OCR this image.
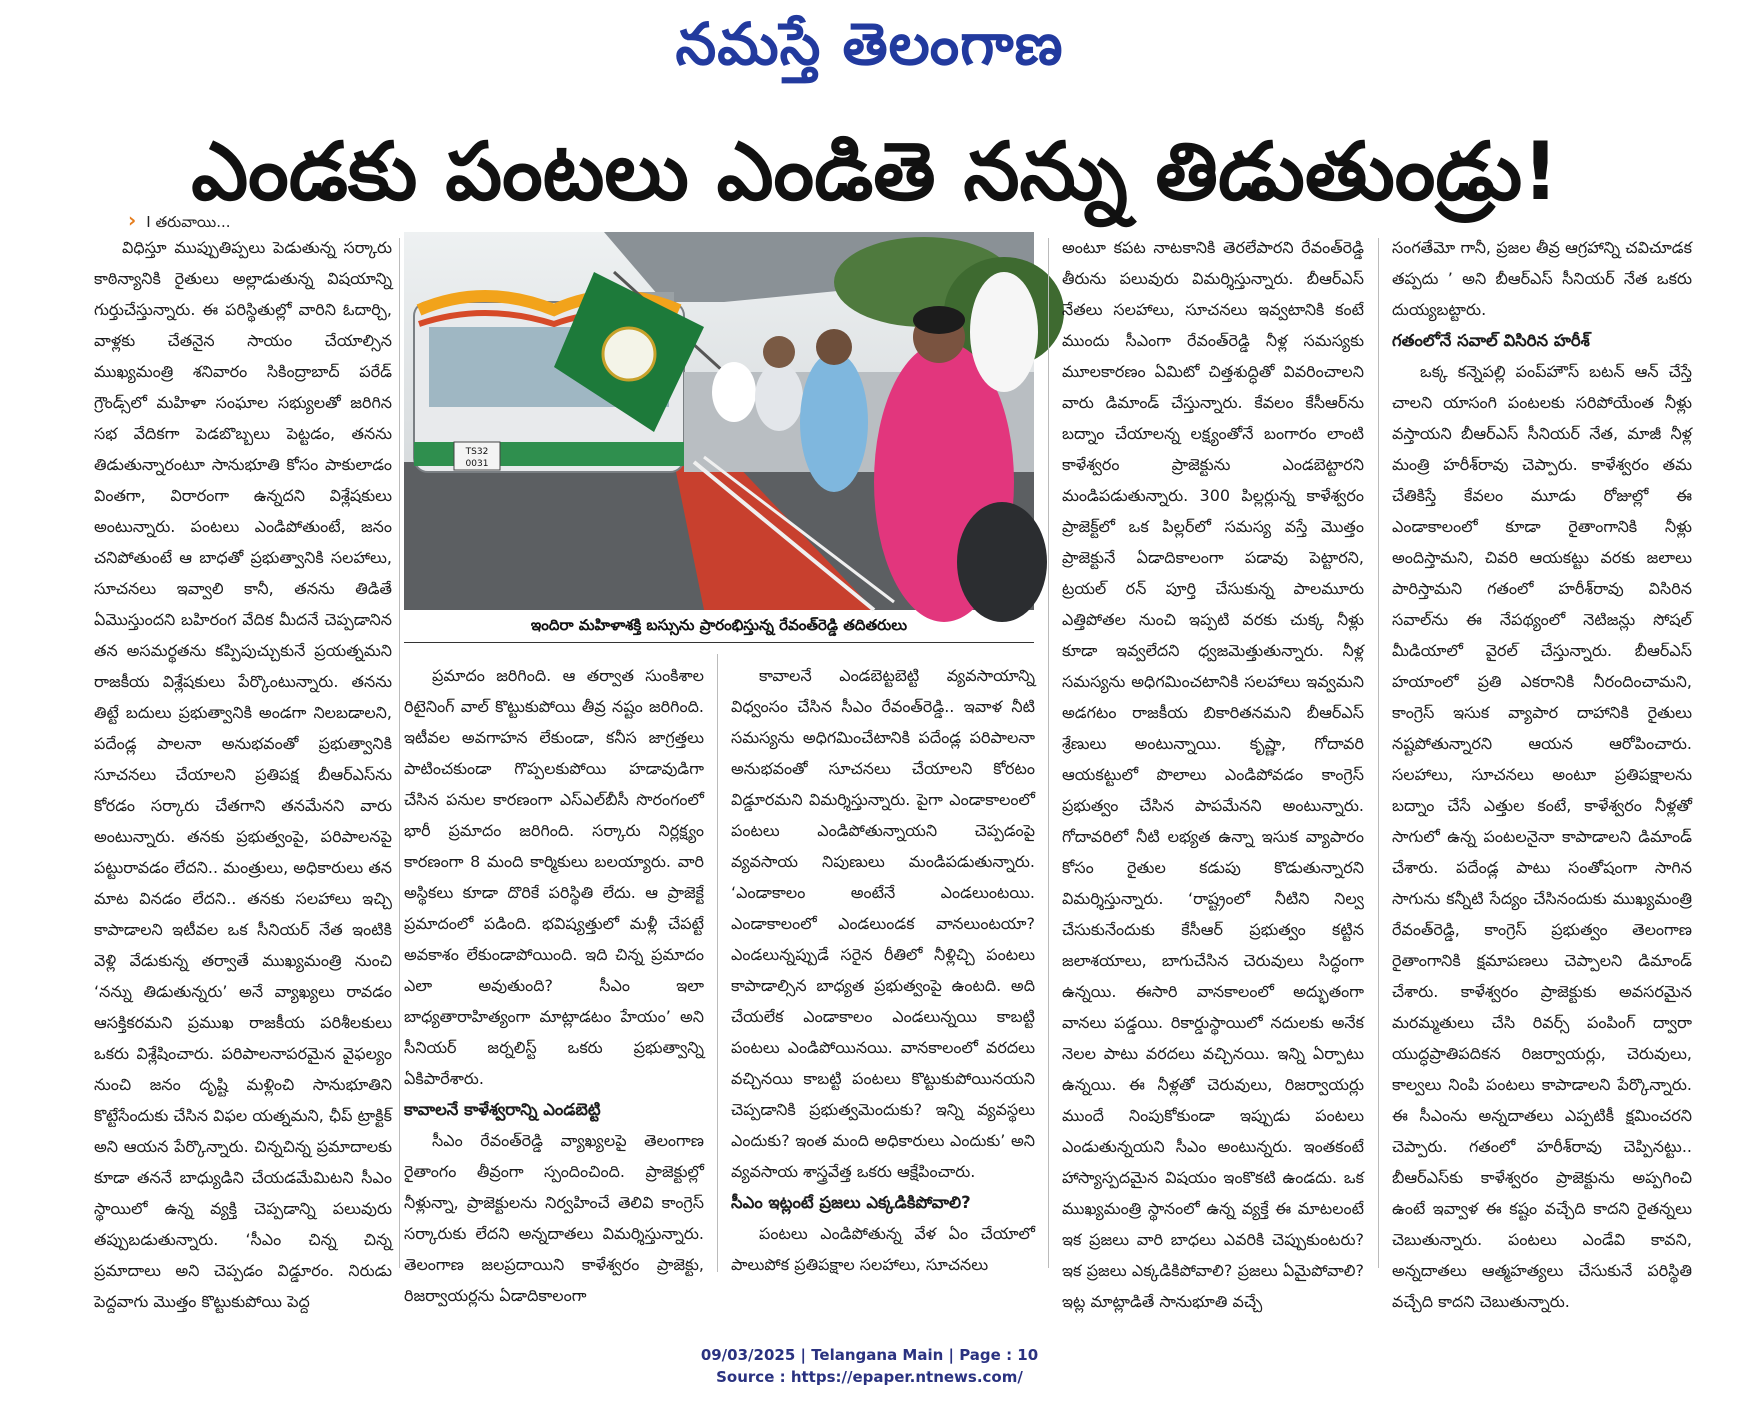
నమస్తే తెలంగాణ
ఎండకు పంటలు ఎండితె నన్ను తిడుతుండ్రు!
› I తరువాయి...

విధిస్తూ ముప్పుతిప్పలు పెడుతున్న సర్కారు కాఠిన్యానికి రైతులు అల్లాడుతున్న విషయాన్ని గుర్తుచేస్తున్నారు. ఈ పరిస్థితుల్లో వారిని ఓదార్చి, వాళ్లకు చేతనైన సాయం చేయాల్సిన ముఖ్యమంత్రి శనివారం సికింద్రాబాద్ పరేడ్ గ్రౌండ్స్‌లో మహిళా సంఘాల సభ్యులతో జరిగిన సభ వేదికగా పెడబొబ్బలు పెట్టడం, తనను తిడుతున్నారంటూ సానుభూతి కోసం పాకులాడం వింతగా, విరారంగా ఉన్నదని విశ్లేషకులు అంటున్నారు. పంటలు ఎండిపోతుంటే, జనం చనిపోతుంటే ఆ బాధతో ప్రభుత్వానికి సలహాలు, సూచనలు ఇవ్వాలి కానీ, తనను తిడితే ఏమొస్తుందని బహిరంగ వేదిక మీదనే చెప్పడానిన తన అసమర్థతను కప్పిపుచ్చుకునే ప్రయత్నమని రాజకీయ విశ్లేషకులు పేర్కొంటున్నారు. తనను తిట్టే బదులు ప్రభుత్వానికి అండగా నిలబడాలని, పదేండ్ల పాలనా అనుభవంతో ప్రభుత్వానికి సూచనలు చేయాలని ప్రతిపక్ష బీఆర్‌ఎస్‌ను కోరడం సర్కారు చేతగాని తనమేనని వారు అంటున్నారు. తనకు ప్రభుత్వంపై, పరిపాలనపై పట్టురావడం లేదని.. మంత్రులు, అధికారులు తన మాట వినడం లేదని.. తనకు సలహాలు ఇచ్చి కాపాడాలని ఇటీవల ఒక సీనియర్ నేత ఇంటికి వెళ్లి వేడుకున్న తర్వాతే ముఖ్యమంత్రి నుంచి ‘నన్ను తిడుతున్నరు’ అనే వ్యాఖ్యలు రావడం ఆసక్తికరమని ప్రముఖ రాజకీయ పరిశీలకులు ఒకరు విశ్లేషించారు. పరిపాలనాపరమైన వైఫల్యం నుంచి జనం దృష్టి మళ్లించి సానుభూతిని కొట్టేసేందుకు చేసిన విఫల యత్నమని, ఛీప్ ట్రాక్టిక్ అని ఆయన పేర్కొన్నారు. చిన్నచిన్న ప్రమాదాలకు కూడా తననే బాధ్యుడిని చేయడమేమిటని సీఎం స్థాయిలో ఉన్న వ్యక్తి చెప్పడాన్ని పలువురు తప్పుబడుతున్నారు. ‘సీఎం చిన్న చిన్న ప్రమాదాలు అని చెప్పడం విడ్డూరం. నిరుడు పెద్దవాగు మొత్తం కొట్టుకుపోయి పెద్ద

TS32
0031
ఇందిరా మహిళాశక్తి బస్సును ప్రారంభిస్తున్న రేవంత్‌రెడ్డి తదితరులు

ప్రమాదం జరిగింది. ఆ తర్వాత సుంకిశాల రిటైనింగ్ వాల్ కొట్టుకుపోయి తీవ్ర నష్టం జరిగింది. ఇటీవల అవగాహన లేకుండా, కనీస జాగ్రత్తలు పాటించకుండా గొప్పలకుపోయి హడావుడిగా చేసిన పనుల కారణంగా ఎస్‌ఎల్‌బీసీ సొరంగంలో భారీ ప్రమాదం జరిగింది. సర్కారు నిర్లక్ష్యం కారణంగా 8 మంది కార్మికులు బలయ్యారు. వారి అస్థికలు కూడా దొరికే పరిస్థితి లేదు. ఆ ప్రాజెక్టే ప్రమాదంలో పడింది. భవిష్యత్తులో మళ్లీ చేపట్టే అవకాశం లేకుండాపోయింది. ఇది చిన్న ప్రమాదం ఎలా అవుతుంది? సీఎం ఇలా బాధ్యతారాహిత్యంగా మాట్లాడటం హేయం’ అని సీనియర్ జర్నలిస్ట్ ఒకరు ప్రభుత్వాన్ని ఏకిపారేశారు.

కావాలనే కాళేశ్వరాన్ని ఎండబెట్టి

సీఎం రేవంత్‌రెడ్డి వ్యాఖ్యలపై తెలంగాణ రైతాంగం తీవ్రంగా స్పందించింది. ప్రాజెక్టుల్లో నీళ్లున్నా, ప్రాజెక్టులను నిర్వహించే తెలివి కాంగ్రెస్ సర్కారుకు లేదని అన్నదాతలు విమర్శిస్తున్నారు. తెలంగాణ జలప్రదాయిని కాళేశ్వరం ప్రాజెక్టు, రిజర్వాయర్లను ఏడాదికాలంగా

కావాలనే ఎండబెట్టబెట్టి వ్యవసాయాన్ని విధ్వంసం చేసిన సీఎం రేవంత్‌రెడ్డి.. ఇవాళ నీటి సమస్యను అధిగమించేటానికి పదేండ్ల పరిపాలనా అనుభవంతో సూచనలు చేయాలని కోరటం విడ్డూరమని విమర్శిస్తున్నారు. పైగా ఎండాకాలంలో పంటలు ఎండిపోతున్నాయని చెప్పడంపై వ్యవసాయ నిపుణులు మండిపడుతున్నారు. ‘ఎండాకాలం అంటేనే ఎండలుంటయి. ఎండాకాలంలో ఎండలుండక వానలుంటయా? ఎండలున్నప్పుడే సరైన రీతిలో నీళ్లిచ్చి పంటలు కాపాడాల్సిన బాధ్యత ప్రభుత్వంపై ఉంటది. అది చేయలేక ఎండాకాలం ఎండలున్నయి కాబట్టి పంటలు ఎండిపోయినయి. వానకాలంలో వరదలు వచ్చినయి కాబట్టి పంటలు కొట్టుకుపోయినయని చెప్పడానికి ప్రభుత్వమెందుకు? ఇన్ని వ్యవస్థలు ఎందుకు? ఇంత మంది అధికారులు ఎందుకు’ అని వ్యవసాయ శాస్త్రవేత్త ఒకరు ఆక్షేపించారు.

సీఎం ఇట్లంటే ప్రజలు ఎక్కడికిపోవాలి?

పంటలు ఎండిపోతున్న వేళ ఏం చేయాలో పాలుపోక ప్రతిపక్షాల సలహాలు, సూచనలు

అంటూ కపట నాటకానికి తెరలేపారని రేవంత్‌రెడ్డి తీరును పలువురు విమర్శిస్తున్నారు. బీఆర్‌ఎస్ నేతలు సలహాలు, సూచనలు ఇవ్వటానికి కంటే ముందు సీఎంగా రేవంత్‌రెడ్డి నీళ్ల సమస్యకు మూలకారణం ఏమిటో చిత్తశుద్ధితో వివరించాలని వారు డిమాండ్ చేస్తున్నారు. కేవలం కేసీఆర్‌ను బద్నాం చేయాలన్న లక్ష్యంతోనే బంగారం లాంటి కాళేశ్వరం ప్రాజెక్టును ఎండబెట్టారని మండిపడుతున్నారు. 300 పిల్లర్లున్న కాళేశ్వరం ప్రాజెక్ట్‌లో ఒక పిల్లర్‌లో సమస్య వస్తే మొత్తం ప్రాజెక్టునే ఏడాదికాలంగా పడావు పెట్టారని, ట్రయల్ రన్ పూర్తి చేసుకున్న పాలమూరు ఎత్తిపోతల నుంచి ఇప్పటి వరకు చుక్క నీళ్లు కూడా ఇవ్వలేదని ధ్వజమెత్తుతున్నారు. నీళ్ల సమస్యను అధిగమించటానికి సలహాలు ఇవ్వమని అడగటం రాజకీయ బికారితనమని బీఆర్‌ఎస్ శ్రేణులు అంటున్నాయి. కృష్ణా, గోదావరి ఆయకట్టులో పొలాలు ఎండిపోవడం కాంగ్రెస్ ప్రభుత్వం చేసిన పాపమేనని అంటున్నారు. గోదావరిలో నీటి లభ్యత ఉన్నా ఇసుక వ్యాపారం కోసం రైతుల కడుపు కొడుతున్నారని విమర్శిస్తున్నారు. ‘రాష్ట్రంలో నీటిని నిల్వ చేసుకునేందుకు కేసీఆర్ ప్రభుత్వం కట్టిన జలాశయాలు, బాగుచేసిన చెరువులు సిద్ధంగా ఉన్నయి. ఈసారి వానకాలంలో అద్భుతంగా వానలు పడ్డయి. రికార్డుస్థాయిలో నదులకు అనేక నెలల పాటు వరదలు వచ్చినయి. ఇన్ని ఏర్పాటు ఉన్నయి. ఈ నీళ్లతో చెరువులు, రిజర్వాయర్లు ముందే నింపుకోకుండా ఇప్పుడు పంటలు ఎండుతున్నయని సీఎం అంటున్నరు. ఇంతకంటే హాస్యాస్పదమైన విషయం ఇంకొకటి ఉండదు. ఒక ముఖ్యమంత్రి స్థానంలో ఉన్న వ్యక్తే ఈ మాటలంటే ఇక ప్రజలు వారి బాధలు ఎవరికి చెప్పుకుంటరు? ఇక ప్రజలు ఎక్కడికిపోవాలి? ప్రజలు ఏమైపోవాలి? ఇట్ల మాట్లాడితే సానుభూతి వచ్చే

సంగతేమో గానీ, ప్రజల తీవ్ర ఆగ్రహాన్ని చవిచూడక తప్పదు ’ అని బీఆర్‌ఎస్ సీనియర్ నేత ఒకరు దుయ్యబట్టారు.

గతంలోనే సవాల్ విసిరిన హరీశ్

ఒక్క కన్నెపల్లి పంప్‌హౌస్ బటన్ ఆన్ చేస్తే చాలని యాసంగి పంటలకు సరిపోయేంత నీళ్లు వస్తాయని బీఆర్‌ఎస్ సీనియర్ నేత, మాజీ నీళ్ల మంత్రి హరీశ్‌రావు చెప్పారు. కాళేశ్వరం తమ చేతికిస్తే కేవలం మూడు రోజుల్లో ఈ ఎండాకాలంలో కూడా రైతాంగానికి నీళ్లు అందిస్తామని, చివరి ఆయకట్టు వరకు జలాలు పారిస్తామని గతంలో హరీశ్‌రావు విసిరిన సవాల్‌ను ఈ నేపథ్యంలో నెటిజన్లు సోషల్ మీడియాలో వైరల్ చేస్తున్నారు. బీఆర్‌ఎస్ హయాంలో ప్రతి ఎకరానికి నీరందించామని, కాంగ్రెస్ ఇసుక వ్యాపార దాహానికి రైతులు నష్టపోతున్నారని ఆయన ఆరోపించారు. సలహాలు, సూచనలు అంటూ ప్రతిపక్షాలను బద్నాం చేసే ఎత్తుల కంటే, కాళేశ్వరం నీళ్లతో సాగులో ఉన్న పంటలనైనా కాపాడాలని డిమాండ్ చేశారు. పదేండ్ల పాటు సంతోషంగా సాగిన సాగును కన్నీటి సేద్యం చేసినందుకు ముఖ్యమంత్రి రేవంత్‌రెడ్డి, కాంగ్రెస్ ప్రభుత్వం తెలంగాణ రైతాంగానికి క్షమాపణలు చెప్పాలని డిమాండ్ చేశారు. కాళేశ్వరం ప్రాజెక్టుకు అవసరమైన మరమ్మతులు చేసి రివర్స్ పంపింగ్ ద్వారా యుద్ధప్రాతిపదికన రిజర్వాయర్లు, చెరువులు, కాల్వలు నింపి పంటలు కాపాడాలని పేర్కొన్నారు. ఈ సీఎంను అన్నదాతలు ఎప్పటికీ క్షమించరని చెప్పారు. గతంలో హరీశ్‌రావు చెప్పినట్టు.. బీఆర్‌ఎస్‌కు కాళేశ్వరం ప్రాజెక్టును అప్పగించి ఉంటే ఇవ్వాళ ఈ కష్టం వచ్చేది కాదని రైతన్నలు చెబుతున్నారు. పంటలు ఎండేవి కావని, అన్నదాతలు ఆత్మహత్యలు చేసుకునే పరిస్థితి వచ్చేది కాదని చెబుతున్నారు.

09/03/2025 | Telangana Main | Page : 10
Source : https://epaper.ntnews.com/
